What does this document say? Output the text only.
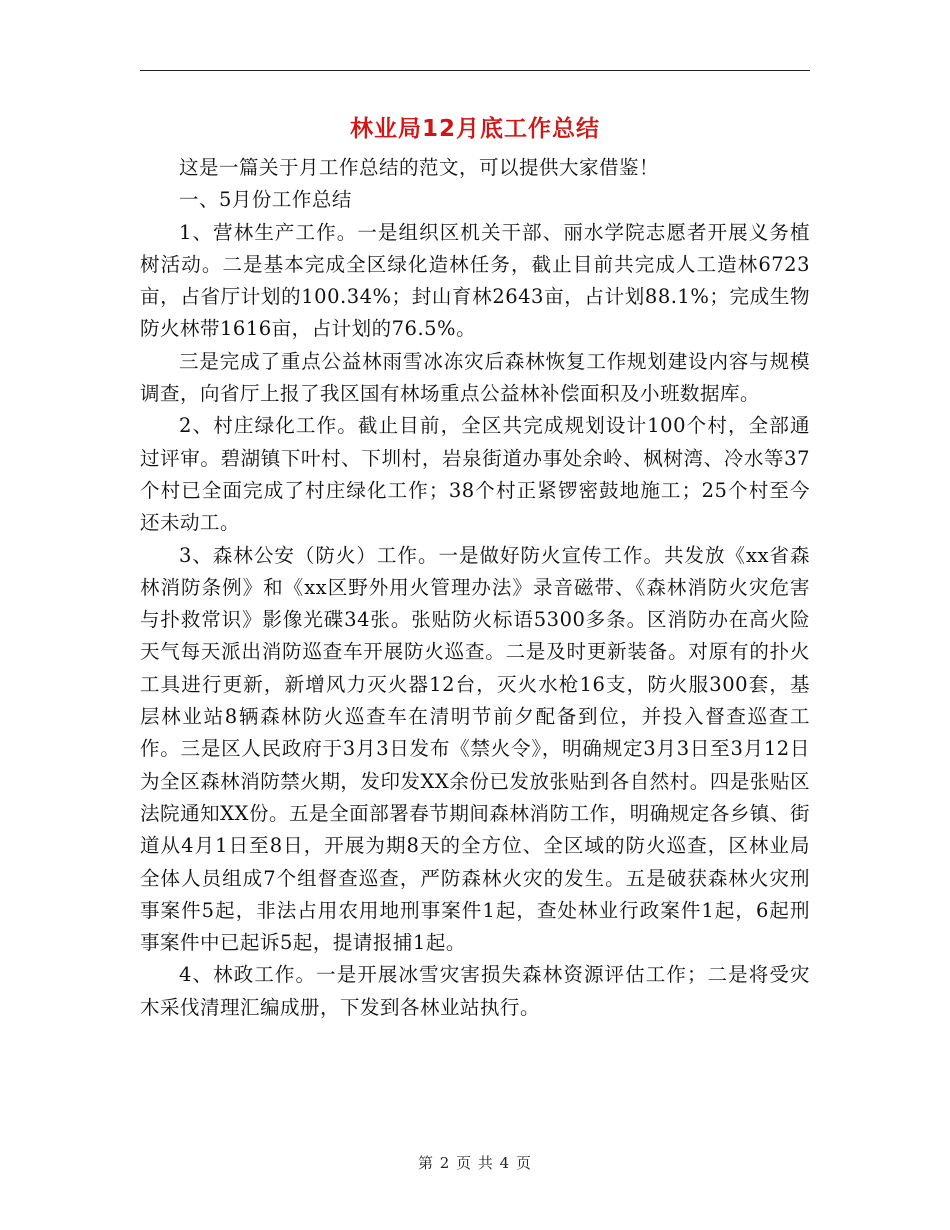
林业局12月底工作总结

这是一篇关于月工作总结的范文，可以提供大家借鉴！

一、5月份工作总结

1、营林生产工作。一是组织区机关干部、丽水学院志愿者开展义务植树活动。二是基本完成全区绿化造林任务，截止目前共完成人工造林6723亩，占省厅计划的100.34%；封山育林2643亩，占计划88.1%；完成生物防火林带1616亩，占计划的76.5%。

三是完成了重点公益林雨雪冰冻灾后森林恢复工作规划建设内容与规模调查，向省厅上报了我区国有林场重点公益林补偿面积及小班数据库。

2、村庄绿化工作。截止目前，全区共完成规划设计100个村，全部通过评审。碧湖镇下叶村、下圳村，岩泉街道办事处余岭、枫树湾、冷水等37个村已全面完成了村庄绿化工作；38个村正紧锣密鼓地施工；25个村至今还未动工。

3、森林公安（防火）工作。一是做好防火宣传工作。共发放《xx省森林消防条例》和《xx区野外用火管理办法》录音磁带、《森林消防火灾危害与扑救常识》影像光碟34张。张贴防火标语5300多条。区消防办在高火险天气每天派出消防巡查车开展防火巡查。二是及时更新装备。对原有的扑火工具进行更新，新增风力灭火器12台，灭火水枪16支，防火服300套，基层林业站8辆森林防火巡查车在清明节前夕配备到位，并投入督查巡查工作。三是区人民政府于3月3日发布《禁火令》，明确规定3月3日至3月12日为全区森林消防禁火期，发印发XX余份已发放张贴到各自然村。四是张贴区法院通知XX份。五是全面部署春节期间森林消防工作，明确规定各乡镇、街道从4月1日至8日，开展为期8天的全方位、全区域的防火巡查，区林业局全体人员组成7个组督查巡查，严防森林火灾的发生。五是破获森林火灾刑事案件5起，非法占用农用地刑事案件1起，查处林业行政案件1起，6起刑事案件中已起诉5起，提请报捕1起。

4、林政工作。一是开展冰雪灾害损失森林资源评估工作；二是将受灾木采伐清理汇编成册，下发到各林业站执行。

第 2 页 共 4 页
